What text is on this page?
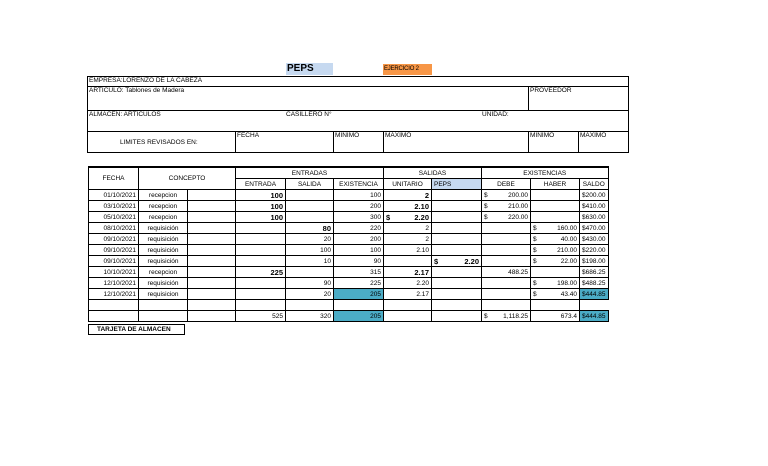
PEPS	EJERCICIO 2
EMPRESA:LORENZO DE LA CABEZA
ARTICULO: Tablones de Madera	PROVEEDOR
ALMACEN: ARTICULOS	CASILLERO N°	UNIDAD:
LIMITES REVISADOS EN:
FECHA	MINIMO	MAXIMO	MINIMO	MAXIMO
FECHA	CONCEPTO		ENTRADAS			SALIDAS		EXISTENCIAS		
			ENTRADA	SALIDA	EXISTENCIA	UNITARIO	PEPS	DEBE	HABER	SALDO
01/10/2021	recepcion		100		100	2		$ 200.00		$ 200.00

03/10/2021	recepcion		100		200	2.10		$ 210.00		$ 410.00

05/10/2021	recepcion		100		300	$ 2.20		$ 220.00		$ 630.00

08/10/2021	requisición			80	220	2			$ 160.00	$ 470.00

09/10/2021	requisición			20	200	2			$ 40.00	$ 430.00

09/10/2021	requisición			100	100	2.10			$ 210.00	$ 220.00

09/10/2021	requisición			10	90		$ 2.20		$ 22.00	$ 198.00

10/10/2021	recepcion		225		315	2.17		488.25		$ 686.25

12/10/2021	requisición			90	225	2.20			$ 198.00	$ 488.25

12/10/2021	requisicion			20	205	2.17			$ 43.40	$ 444.85

			525	320	205			$ 1,118.25	673.4	$ 444.85
TARJETA DE ALMACEN
